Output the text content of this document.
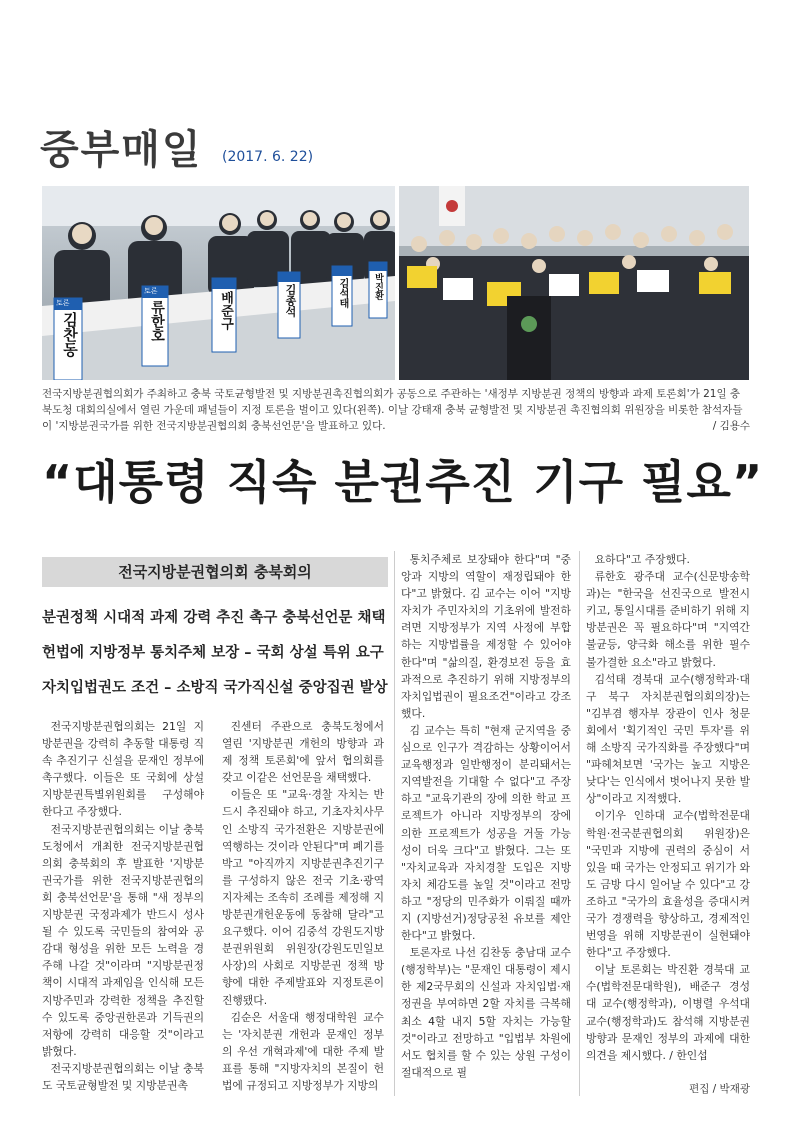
중부매일 (2017. 6. 22)
김찬동	류한호	배준구	김종석	김석태	박진환
토론
토론
전국지방분권협의회가 주최하고 충북 국토균형발전 및 지방분권촉진협의회가 공동으로 주관하는 '새정부 지방분권 정책의 방향과 과제 토론회'가 21일 충북도청 대회의실에서 열린 가운데 패널들이 지정 토론을 벌이고 있다(왼쪽). 이날 강태재 충북 균형발전 및 지방분권 촉진협의회 위원장을 비롯한 참석자들이 '지방분권국가를 위한 전국지방분권협의회 충북선언문'을 발표하고 있다.	/ 김용수
“대통령 직속 분권추진 기구 필요”
전국지방분권협의회 충북회의
분권정책 시대적 과제 강력 추진 촉구 충북선언문 채택
헌법에 지방정부 통치주체 보장 – 국회 상설 특위 요구
자치입법권도 조건 – 소방직 국가직신설 중앙집권 발상

전국지방분권협의회는 21일 지방분권을 강력히 추동할 대통령 직속 추진기구 신설을 문재인 정부에 촉구했다. 이들은 또 국회에 상설 지방분권특별위원회를 구성해야 한다고 주장했다.

전국지방분권협의회는 이날 충북도청에서 개최한 전국지방분권협의회 충북회의 후 발표한 '지방분권국가를 위한 전국지방분권협의회 충북선언문'을 통해 "새 정부의 지방분권 국정과제가 반드시 성사될 수 있도록 국민들의 참여와 공감대 형성을 위한 모든 노력을 경주해 나갈 것"이라며 "지방분권정책이 시대적 과제임을 인식해 모든 지방주민과 강력한 정책을 추진할 수 있도록 중앙권한론과 기득권의 저항에 강력히 대응할 것"이라고 밝혔다.

전국지방분권협의회는 이날 충북도 국토균형발전 및 지방분권촉

진센터 주관으로 충북도청에서 열린 '지방분권 개헌의 방향과 과제 정책 토론회'에 앞서 협의회를 갖고 이같은 선언문을 채택했다.

이들은 또 "교육·경찰 자치는 반드시 추진돼야 하고, 기초자치사무인 소방직 국가전환은 지방분권에 역행하는 것이라 안된다"며 폐기를 박고 "아직까지 지방분권추진기구를 구성하지 않은 전국 기초·광역지자체는 조속히 조례를 제정해 지방분권개헌운동에 동참해 달라"고 요구했다. 이어 김중석 강원도지방분권위원회 위원장(강원도민일보 사장)의 사회로 지방분권 정책 방향에 대한 주제발표와 지정토론이 진행됐다.

김순은 서울대 행정대학원 교수는 '자치분권 개헌과 문재인 정부의 우선 개혁과제'에 대한 주제 발표를 통해 "지방자치의 본질이 헌법에 규정되고 지방정부가 지방의

통치주체로 보장돼야 한다"며 "중앙과 지방의 역할이 재정립돼야 한다"고 밝혔다. 김 교수는 이어 "지방자치가 주민자치의 기초위에 발전하려면 지방정부가 지역 사정에 부합하는 지방법률을 제정할 수 있어야 한다"며 "삶의질, 환경보전 등을 효과적으로 추진하기 위해 지방정부의 자치입법권이 필요조건"이라고 강조했다.

김 교수는 특히 "현재 군지역을 중심으로 인구가 격감하는 상황이어서 교육행정과 일반행정이 분리돼서는 지역발전을 기대할 수 없다"고 주장하고 "교육기관의 장에 의한 학교 프로젝트가 아니라 지방정부의 장에 의한 프로젝트가 성공을 거둘 가능성이 더욱 크다"고 밝혔다. 그는 또 "자치교육과 자치경찰 도입은 지방자치 체감도를 높일 것"이라고 전망하고 "정당의 민주화가 이뤄질 때까지 (지방선거)정당공천 유보를 제안한다"고 밝혔다.

토론자로 나선 김찬동 충남대 교수(행정학부)는 "문재인 대통령이 제시한 제2국무회의 신설과 자치입법·재정권을 부여하면 2할 자치를 극복해 최소 4할 내지 5할 자치는 가능할 것"이라고 전망하고 "입법부 차원에서도 협치를 할 수 있는 상원 구성이 절대적으로 필

요하다"고 주장했다.

류한호 광주대 교수(신문방송학과)는 "한국을 선진국으로 발전시키고, 통일시대를 준비하기 위해 지방분권은 꼭 필요하다"며 "지역간 불균등, 양극화 해소를 위한 필수 불가결한 요소"라고 밝혔다.

김석태 경북대 교수(행정학과·대구 북구 자치분권협의회의장)는 "김부겸 행자부 장관이 인사 청문회에서 '획기적인 국민 투자'를 위해 소방직 국가직화를 주장했다"며 "파헤쳐보면 '국가는 높고 지방은 낮다'는 인식에서 벗어나지 못한 발상"이라고 지적했다.

이기우 인하대 교수(법학전문대학원·전국분권협의회 위원장)은 "국민과 지방에 권력의 중심이 서 있을 때 국가는 안정되고 위기가 와도 금방 다시 일어날 수 있다"고 강조하고 "국가의 효율성을 증대시켜 국가 경쟁력을 향상하고, 경제적인 번영을 위해 지방분권이 실현돼야 한다"고 주장했다.

이날 토론회는 박진환 경북대 교수(법학전문대학원), 배준구 경성대 교수(행정학과), 이병렬 우석대 교수(행정학과)도 참석해 지방분권 방향과 문재인 정부의 과제에 대한 의견을 제시했다. / 한인섭

편집 / 박재광
